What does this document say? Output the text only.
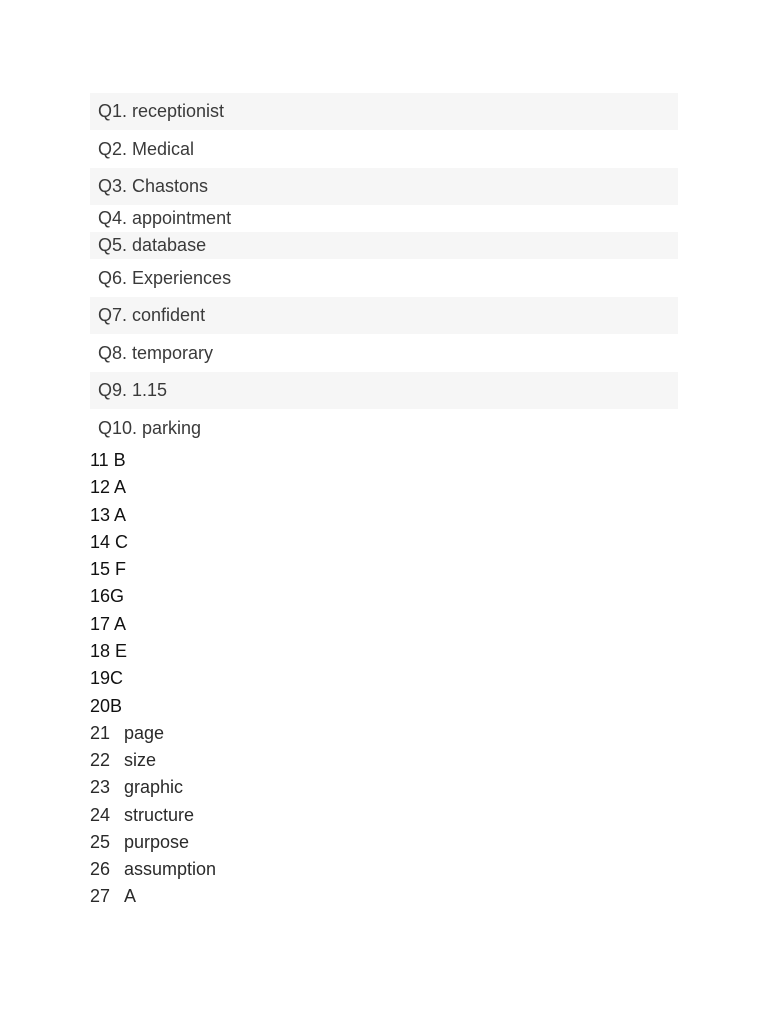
Q1. receptionist
Q2. Medical
Q3. Chastons
Q4. appointment
Q5. database
Q6. Experiences
Q7. confident
Q8. temporary
Q9. 1.15
Q10. parking
11 B
12 A
13 A
14 C
15 F
16G
17 A
18 E
19C
20B
21 page
22 size
23 graphic
24 structure
25 purpose
26 assumption
27 A
